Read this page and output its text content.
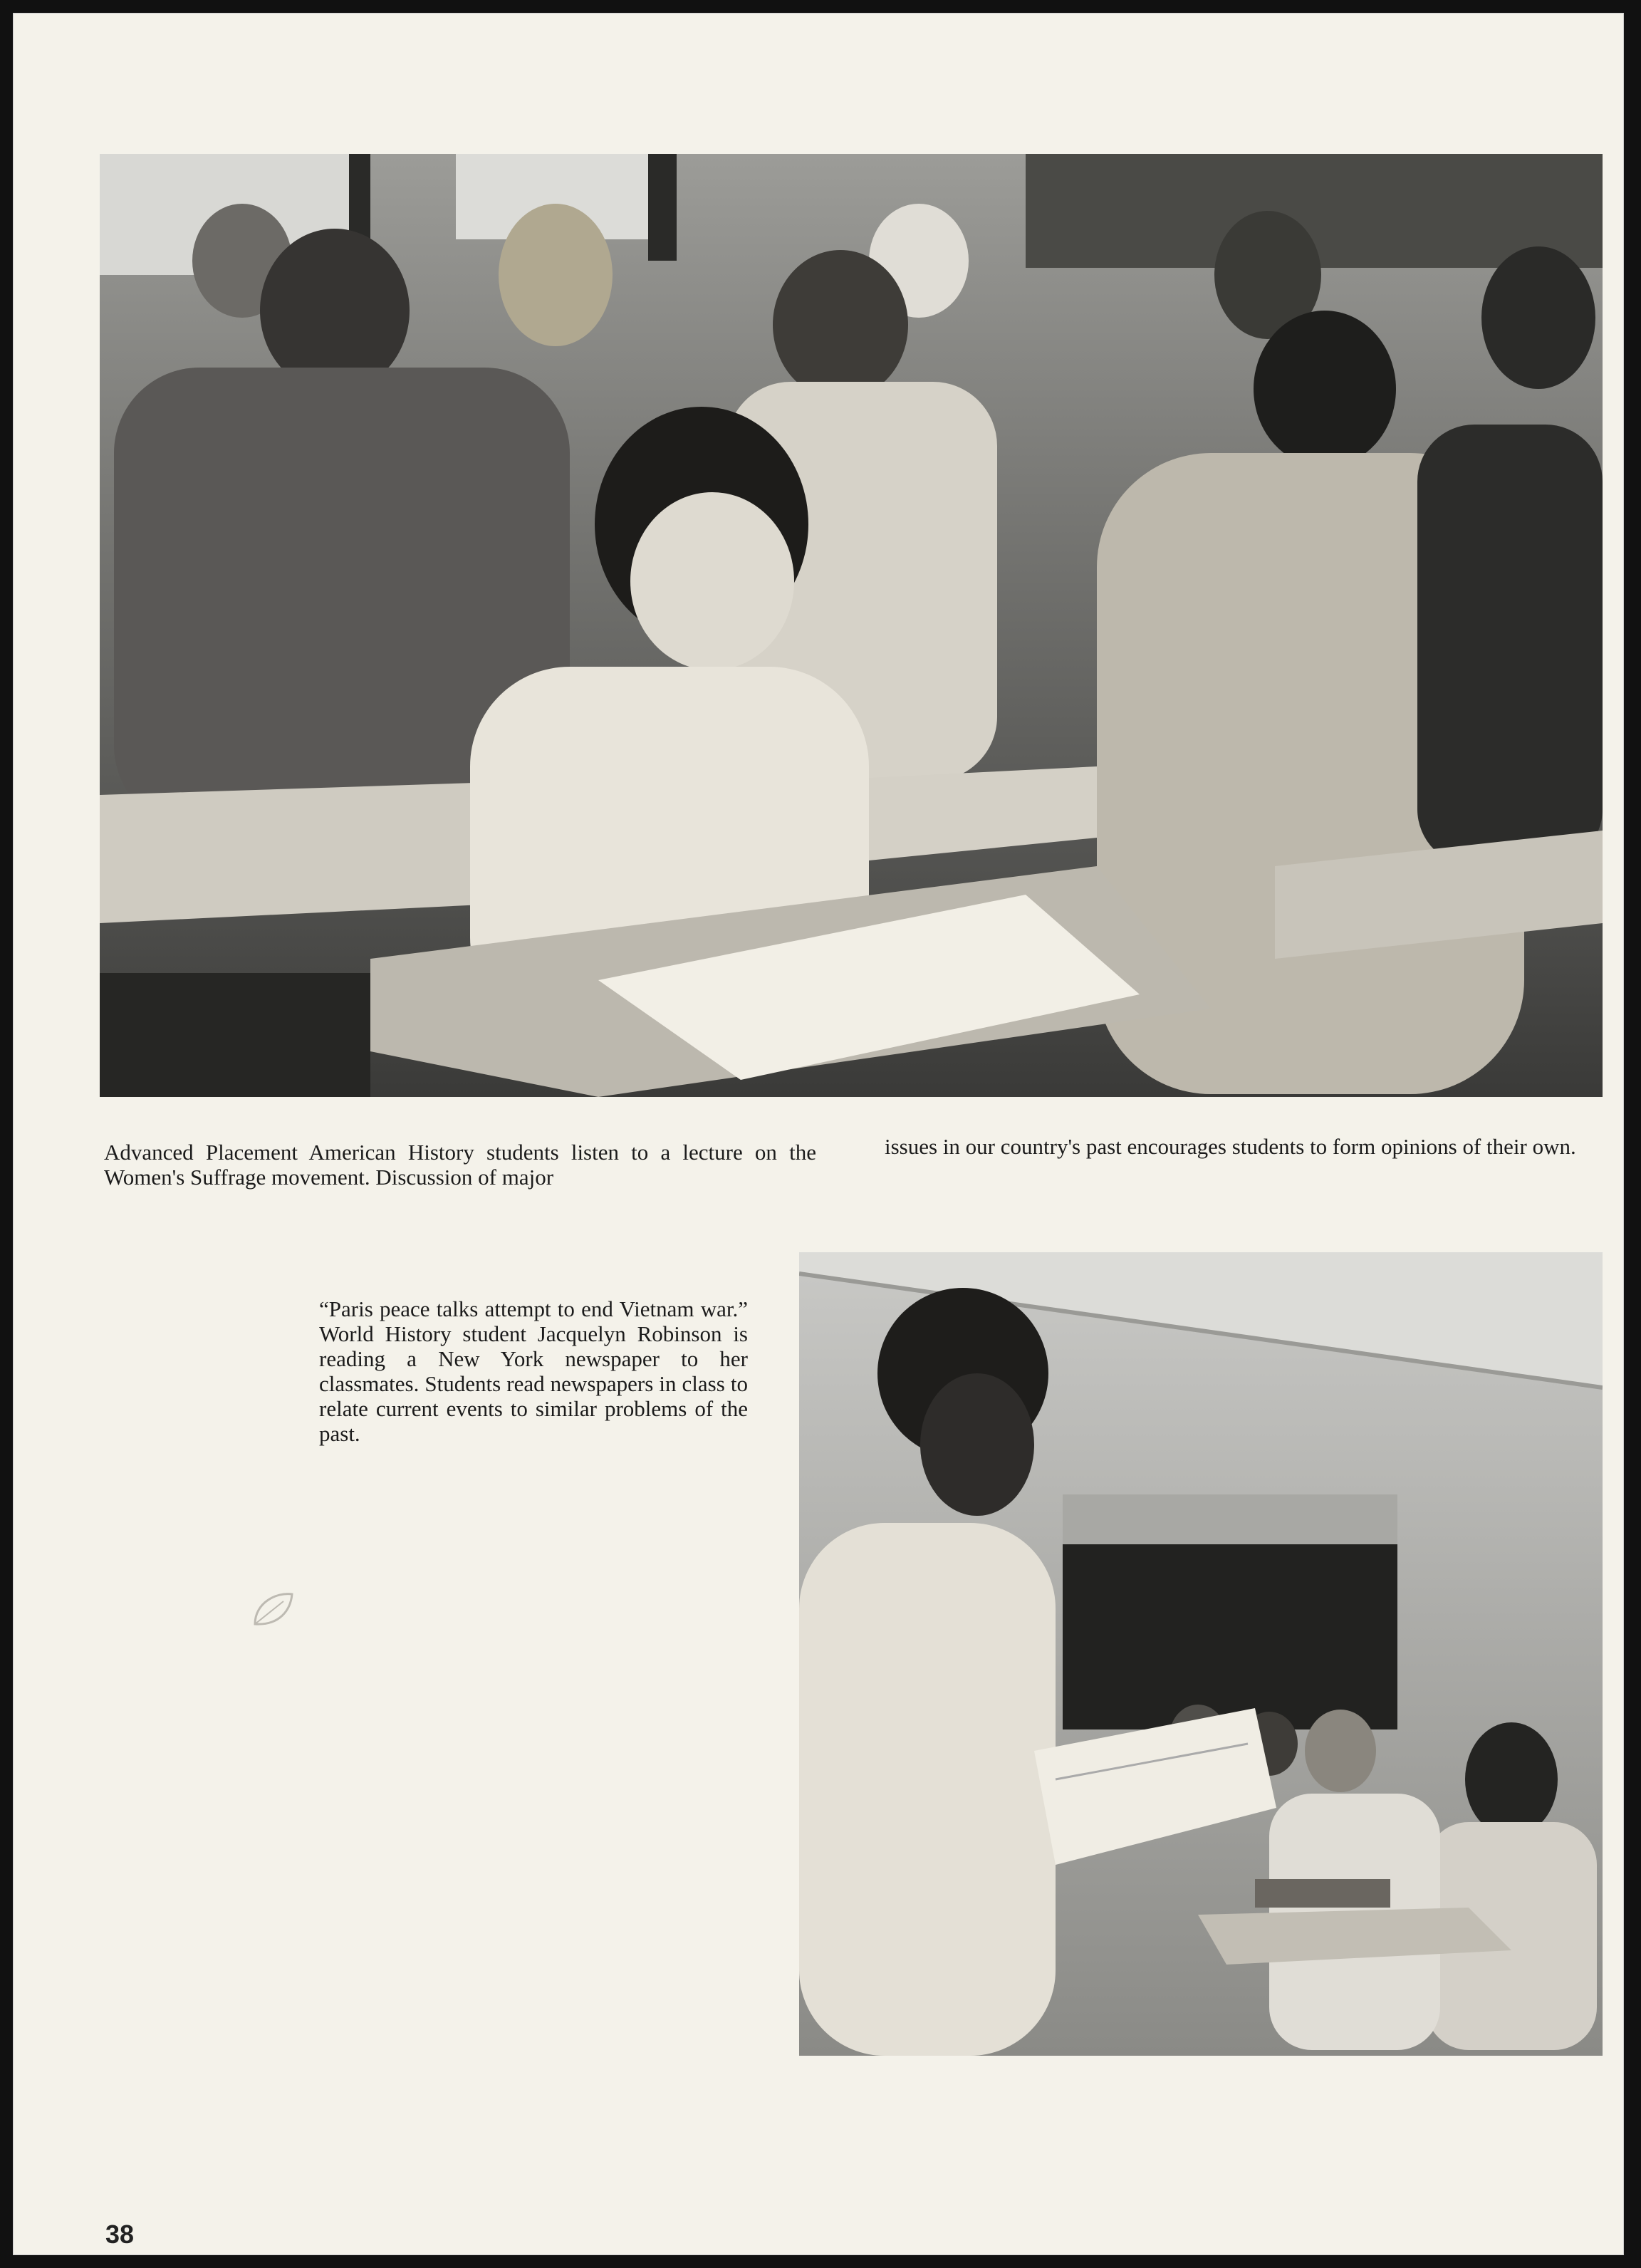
Advanced Placement American History students listen to a lecture on the Women's Suffrage movement. Discussion of major

issues in our country's past encourages students to form opinions of their own.

“Paris peace talks attempt to end Vietnam war.” World History student Jacquelyn Robinson is reading a New York newspaper to her classmates. Students read newspapers in class to relate current events to similar problems of the past.

38
